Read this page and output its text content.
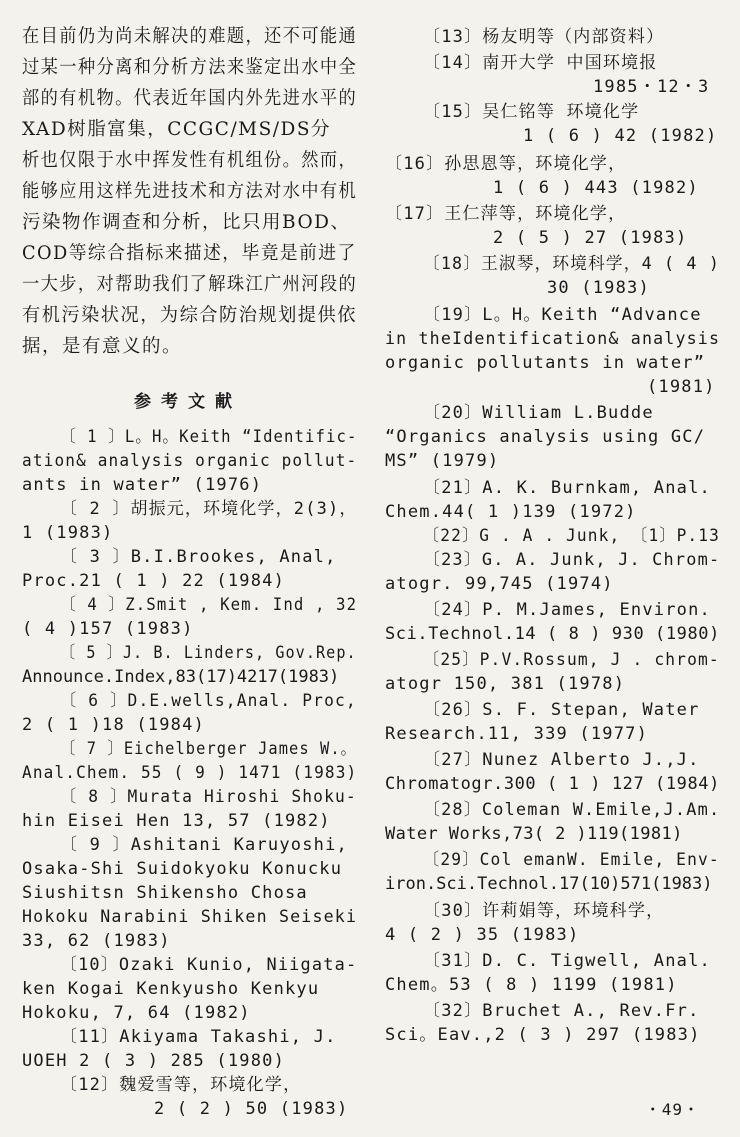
在目前仍为尚未解决的难题，还不可能通
过某一种分离和分析方法来鉴定出水中全
部的有机物。代表近年国内外先进水平的
XAD树脂富集，CCGC/MS/DS分
析也仅限于水中挥发性有机组份。然而，
能够应用这样先进技术和方法对水中有机
污染物作调查和分析，比只用BOD、
COD等综合指标来描述，毕竟是前进了
一大步，对帮助我们了解珠江广州河段的
有机污染状况，为综合防治规划提供依
据，是有意义的。
参考文献
〔 1 〕L。H。Keith “Identific-
ation& analysis organic pollut-
ants in water” (1976)
〔 2 〕胡振元，环境化学，2(3)，
1 (1983)
〔 3 〕B.I.Brookes, Anal,
Proc.21 ( 1 ) 22 (1984)
〔 4 〕Z.Smit , Kem. Ind , 32
( 4 )157 (1983)
〔 5 〕J. B. Linders, Gov.Rep.
Announce.Index,83(17)4217(1983)
〔 6 〕D.E.wells,Anal. Proc,
2 ( 1 )18 (1984)
〔 7 〕Eichelberger James W.。
Anal.Chem. 55 ( 9 ) 1471 (1983)
〔 8 〕Murata Hiroshi Shoku-
hin Eisei Hen 13, 57 (1982)
〔 9 〕Ashitani Karuyoshi,
Osaka-Shi Suidokyoku Konucku
Siushitsn Shikensho Chosa
Hokoku Narabini Shiken Seiseki
33, 62 (1983)
〔10〕Ozaki Kunio, Niigata-
ken Kogai Kenkyusho Kenkyu
Hokoku, 7, 64 (1982)
〔11〕Akiyama Takashi, J.
UOEH 2 ( 3 ) 285 (1980)
〔12〕魏爱雪等，环境化学，
2 ( 2 ) 50 (1983)
〔13〕杨友明等（内部资料）
〔14〕南开大学 中国环境报
1985・12・3
〔15〕吴仁铭等 环境化学
1 ( 6 ) 42 (1982)
〔16〕孙思恩等，环境化学，
1 ( 6 ) 443 (1982)
〔17〕王仁萍等，环境化学，
2 ( 5 ) 27 (1983)
〔18〕王淑琴，环境科学，4 ( 4 )
30 (1983)
〔19〕L。H。Keith “Advance
in theIdentification& analysis
organic pollutants in water”
(1981)
〔20〕William L.Budde
“Organics analysis using GC/
MS” (1979)
〔21〕A. K. Burnkam, Anal.
Chem.44( 1 )139 (1972)
〔22〕G . A . Junk, 〔1〕P.13
〔23〕G. A. Junk, J. Chrom-
atogr. 99,745 (1974)
〔24〕P. M.James, Environ.
Sci.Technol.14 ( 8 ) 930 (1980)
〔25〕P.V.Rossum, J . chrom-
atogr 150, 381 (1978)
〔26〕S. F. Stepan, Water
Research.11, 339 (1977)
〔27〕Nunez Alberto J.,J.
Chromatogr.300 ( 1 ) 127 (1984)
〔28〕Coleman W.Emile,J.Am.
Water Works,73( 2 )119(1981)
〔29〕Col emanW. Emile, Env-
iron.Sci.Technol.17(10)571(1983)
〔30〕许莉娟等，环境科学，
4 ( 2 ) 35 (1983)
〔31〕D. C. Tigwell, Anal.
Chem。53 ( 8 ) 1199 (1981)
〔32〕Bruchet A., Rev.Fr.
Sci。Eav.,2 ( 3 ) 297 (1983)
・49・
